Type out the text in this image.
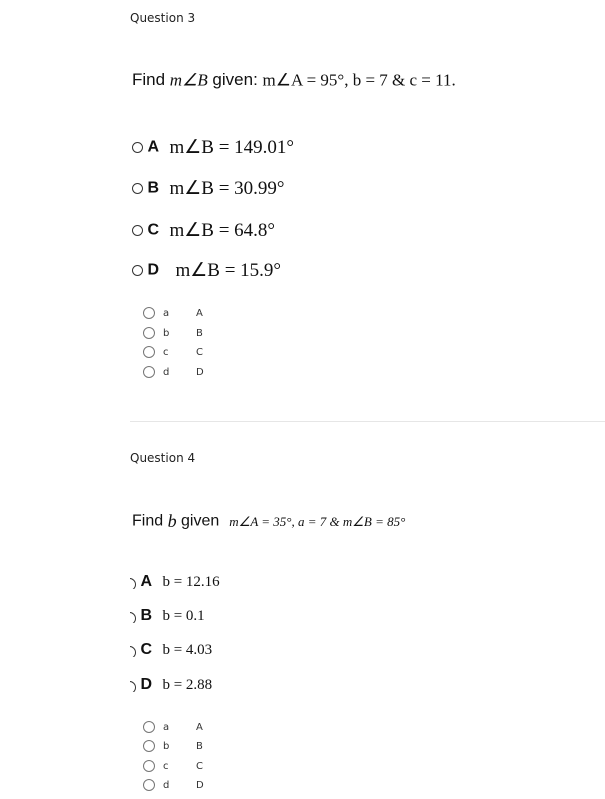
Question 3
Find m∠B given: m∠A = 95°, b = 7 & c = 11.
A m∠B = 149.01°
B m∠B = 30.99°
C m∠B = 64.8°
D m∠B = 15.9°
a	A
b	B
c	C
d	D
Question 4
Find b given m∠A = 35°, a = 7 & m∠B = 85°
A b = 12.16
B b = 0.1
C b = 4.03
D b = 2.88
a	A
b	B
c	C
d	D
